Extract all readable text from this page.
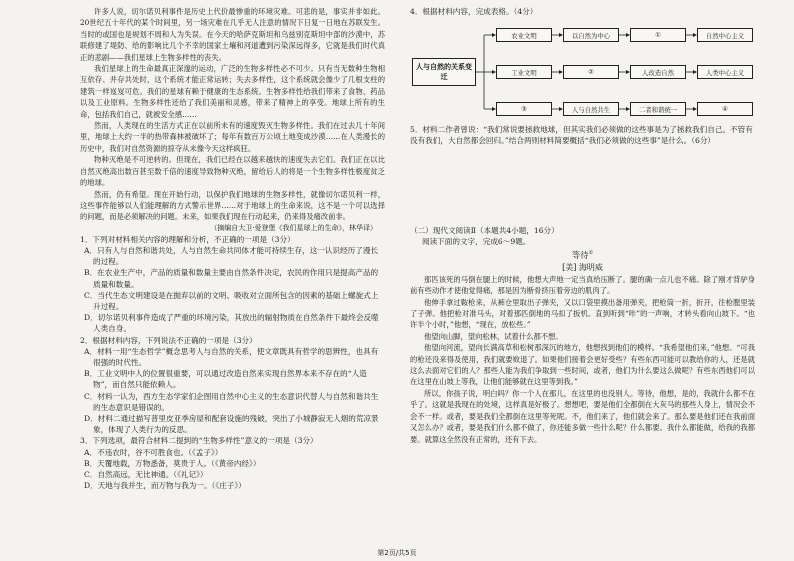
许多人说，切尔诺贝利事件是历史上代价最惨重的环境灾难。可悲的是，事实并非如此。20世纪五十年代的某个时间里，另一场灾难在几乎无人注意的情况下日复一日地在苏联发生。当时的或国也是规划不周和人为失误。在今天的哈萨克斯坦和乌兹别克斯坦中部的沙漠中，苏联修建了堤防、给的影响比几个不幸的国家土壤和河道遭到污染深远得多，它就是我们时代真正的悲剧——我们星球上生物多样性的丧失。

我们星球上的生命最真正深邃的运动，广泛的生物多样性必不可少。只有当无数种生物相互依存、并存共处时，这个系统才能正常运转；失去多样性，这个系统就会像少了几根支柱的建筑一样岌岌可危。我们的星球有赖于健康的生态系统。生物多样性给我们带来了食物、药品以及工业原料。生物多样性还给了我们美丽和灵感，带来了精神上的享受。地球上所有的生命，包括我们自己，就被安全感……

然而，人类现在的生活方式正在以前所未有的速度毁灭生物多样性。我们在过去几十年间里，地球上大约一半的热带森林被破坏了；每年有数百万公顷土地变成沙漠……在人类漫长的历史中，我们对自然资源的掠夺从未像今天这样疯狂。

物种灭绝是不可逆转的。但现在，我们已经在以越来越快的速度失去它们。我们正在以比自然灭绝高出数百甚至数千倍的速度导致物种灭绝，留给后人的将是一个生物多样性极度贫乏的地球。

然而，仍有希望。现在开始行动，以保护我们地球的生物多样性，就像切尔诺贝利一样，这些事件能够以人们能理解的方式警示世界……对于地球上的生命来说，这不是一个可以选择的问题，而是必须解决的问题。未来，如果我们现在行动起来，仍来得及痛改前非。

（摘编自大卫·爱登堡《我们星球上的生命》，林华译）
1．下列对材料相关内容的理解和分析，不正确的一项是（3分）
A．只有人与自然和谐共处，人与自然生命共同体才能可持续生存，这一认识经历了漫长的过程。
B．在农业生产中，产品的质量和数量主要由自然条件决定，农民的作用只是提高产品的质量和数量。
C．当代生态文明建设是在抛弃以前的文明、吸收对立面所包含的因素的基础上螺旋式上升过程。
D．切尔诺贝利事件造成了严重的环境污染，其放出的辐射物质在自然条件下最终会反噬人类自身。
2．根据材料内容，下列说法不正确的一项是（3分）
A．材料一用“生态哲学”概念思考人与自然的关系，使文章既具有哲学的思辨性，也具有很强的时代性。
B．工业文明中人的位置很重要，可以通过改造自然来实现自然界本来不存在的“人造物”，而自然只能依赖人。
C．材料一认为，西方生态学家们企图用自然中心主义的生态意识代替人与自然和谐共生的生态意识是错误的。
D．材料二通过描写普里皮亚季房屋和配套设施的残破，突出了小城静寂无人烟的荒凉景象，体现了人类行为的反思。
3．下列选项，最符合材料二提到的“生物多样性”意义的一项是（3分）
A．不违农时，谷不可胜食也。（《孟子》）
B．天覆地载，万物悉备，莫贵于人。（《黄帝内经》）
C．自然高远，无比神通。（《礼记》）
D．天地与我并生，而万物与我为一。（《庄子》）
4．根据材料内容，完成表格。（4分）
人与自然的关系变迁
农业文明	以自然为中心	①	自然中心主义
工业文明	②	人改造自然	人类中心主义
③	人与自然共生	二者和谐统一	④
5．材料二作者曾说：“我们常说要拯救地球，但其实我们必须做的这些事是为了拯救我们自己。不管有没有我们，大自然都会回归。”结合两则材料简要概括“我们必须做的这些事”是什么。（6分）
（二）现代文阅读Ⅱ（本题共4小题，16分）
阅读下面的文字，完成6～9题。
等待①
[美] 海明威

那匹该死的马倒在腿上的时候，他想大声地一定当真给压断了。腿的确一点儿也不痛。除了刚才背驴身前有些动作才使他觉得痛，那是因为断骨挤压着旁边的肌肉了。

他伸手拿过鞍枪来，从裤仓里取出子弹夹，又以口袋里摸出备用弹夹，把枪筒一折，折开，往枪膛里装了子弹。他把枪对准马头，对着那匹倒地的马扣了扳机。直到听到“咔”的一声响，才转头看向山坡下。“也许半个小时，”他想，“现在，放松些。”

他望向山脚，望向松林，试着什么都不想。

他望向河流，望向长满高草和松树那深沉的地方，他想找到他们的模样。“我希望他们来，”他想。“可我的枪还没来得及使用，我们就要败退了。如果他们接着会更好受些？有些东西可能可以教给你的人，还是就这么去面对它们的人？那些人能为我们争取到一些时间，或者，他们为什么要这么做呢？有些东西他们可以在这里在山坡上等我，让他们能够就在这里等到我。”

所以，你孩子说，明白吗？你一个人在那儿，在这里的也没别人。等待，他想，是的，我就什么都不在乎了。这就是我现在的处境，这样真是好极了。想想吧，要是他们全都倒在大灰马的那些人身上，情况会不会不一样。或者，要是我们全都倒在这里等死呢。不，他们来了，他们就会来了。那么要是他们还在我前面又怎么办？或者，要是我们什么都不做了，你还能多做一些什么呢？什么都要。我什么都能做，给我的我都要。就算这全然没有正常的，还有下去。

第2页/共5页
